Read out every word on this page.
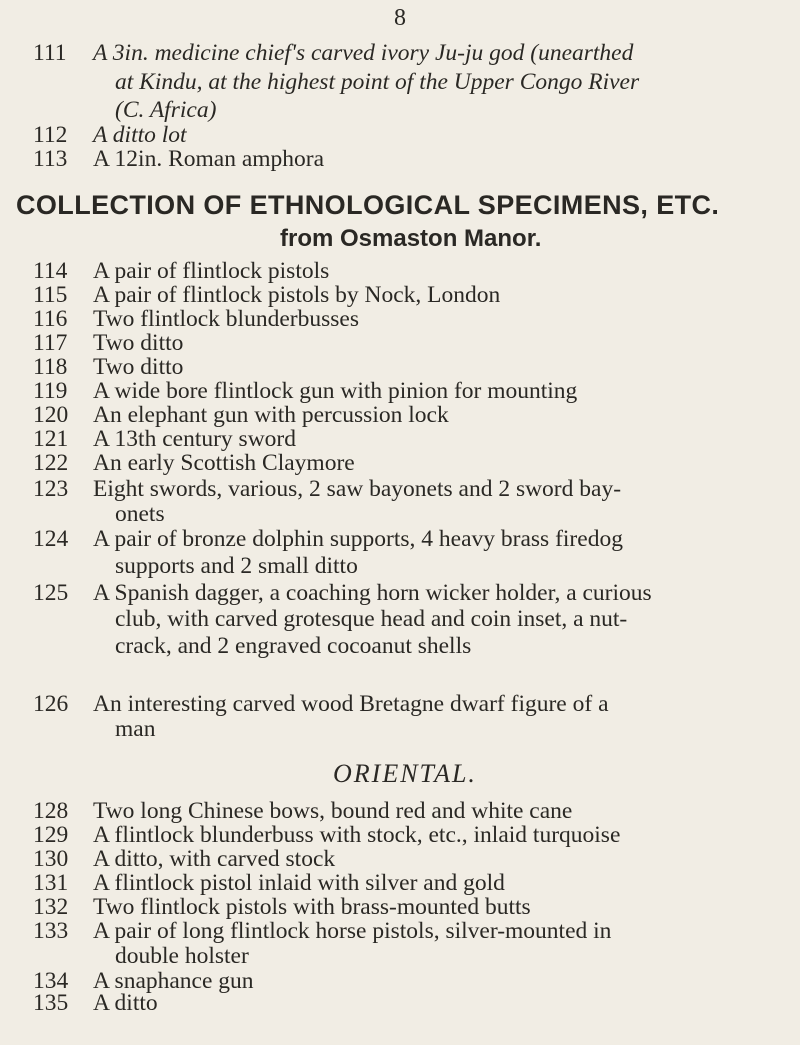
8
111	A 3in. medicine chief's carved ivory Ju-ju god (unearthed
at Kindu, at the highest point of the Upper Congo River
(C. Africa)
112	A ditto lot
113	A 12in. Roman amphora
COLLECTION OF ETHNOLOGICAL SPECIMENS, ETC.
from Osmaston Manor.
114	A pair of flintlock pistols
115	A pair of flintlock pistols by Nock, London
116	Two flintlock blunderbusses
117	Two ditto
118	Two ditto
119	A wide bore flintlock gun with pinion for mounting
120	An elephant gun with percussion lock
121	A 13th century sword
122	An early Scottish Claymore
123	Eight swords, various, 2 saw bayonets and 2 sword bay-
onets
124	A pair of bronze dolphin supports, 4 heavy brass firedog
supports and 2 small ditto
125	A Spanish dagger, a coaching horn wicker holder, a curious
club, with carved grotesque head and coin inset, a nut-
crack, and 2 engraved cocoanut shells
126	An interesting carved wood Bretagne dwarf figure of a
man
ORIENTAL.
128	Two long Chinese bows, bound red and white cane
129	A flintlock blunderbuss with stock, etc., inlaid turquoise
130	A ditto, with carved stock
131	A flintlock pistol inlaid with silver and gold
132	Two flintlock pistols with brass-mounted butts
133	A pair of long flintlock horse pistols, silver-mounted in
double holster
134	A snaphance gun
135	A ditto
